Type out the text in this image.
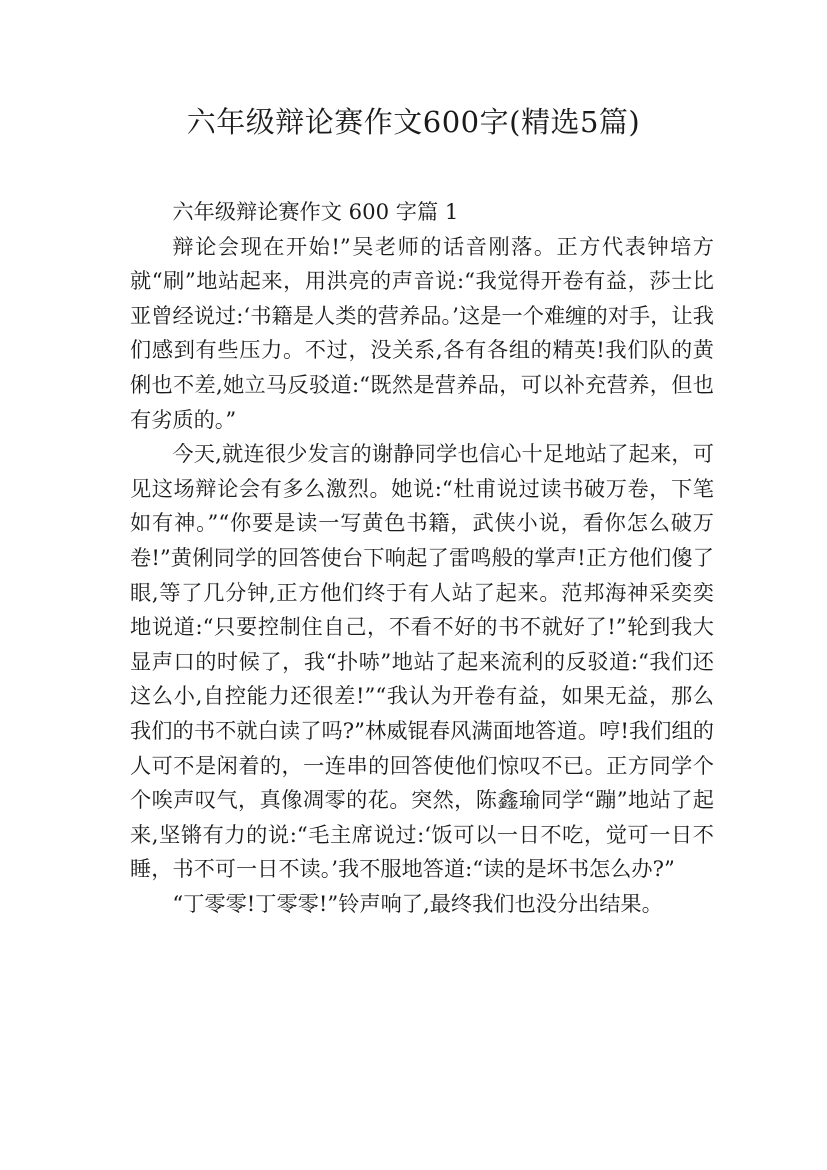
六年级辩论赛作文600字(精选5篇)

六年级辩论赛作文 600 字篇 1

辩论会现在开始!”吴老师的话音刚落。正方代表钟培方就“刷”地站起来，用洪亮的声音说:“我觉得开卷有益，莎士比亚曾经说过:‘书籍是人类的营养品。’这是一个难缠的对手，让我们感到有些压力。不过，没关系,各有各组的精英!我们队的黄俐也不差,她立马反驳道:“既然是营养品，可以补充营养，但也有劣质的。”

今天,就连很少发言的谢静同学也信心十足地站了起来，可见这场辩论会有多么激烈。她说:“杜甫说过读书破万卷，下笔如有神。”“你要是读一写黄色书籍，武侠小说，看你怎么破万卷!”黄俐同学的回答使台下响起了雷鸣般的掌声!正方他们傻了眼,等了几分钟,正方他们终于有人站了起来。范邦海神采奕奕地说道:“只要控制住自己，不看不好的书不就好了!”轮到我大显声口的时候了，我“扑哧”地站了起来流利的反驳道:“我们还这么小,自控能力还很差!”“我认为开卷有益，如果无益，那么我们的书不就白读了吗?”林威锟春风满面地答道。哼!我们组的人可不是闲着的，一连串的回答使他们惊叹不已。正方同学个个唉声叹气，真像凋零的花。突然，陈鑫瑜同学“蹦”地站了起来,坚锵有力的说:“毛主席说过:‘饭可以一日不吃，觉可一日不睡，书不可一日不读。’我不服地答道:“读的是坏书怎么办?”

“丁零零!丁零零!”铃声响了,最终我们也没分出结果。
